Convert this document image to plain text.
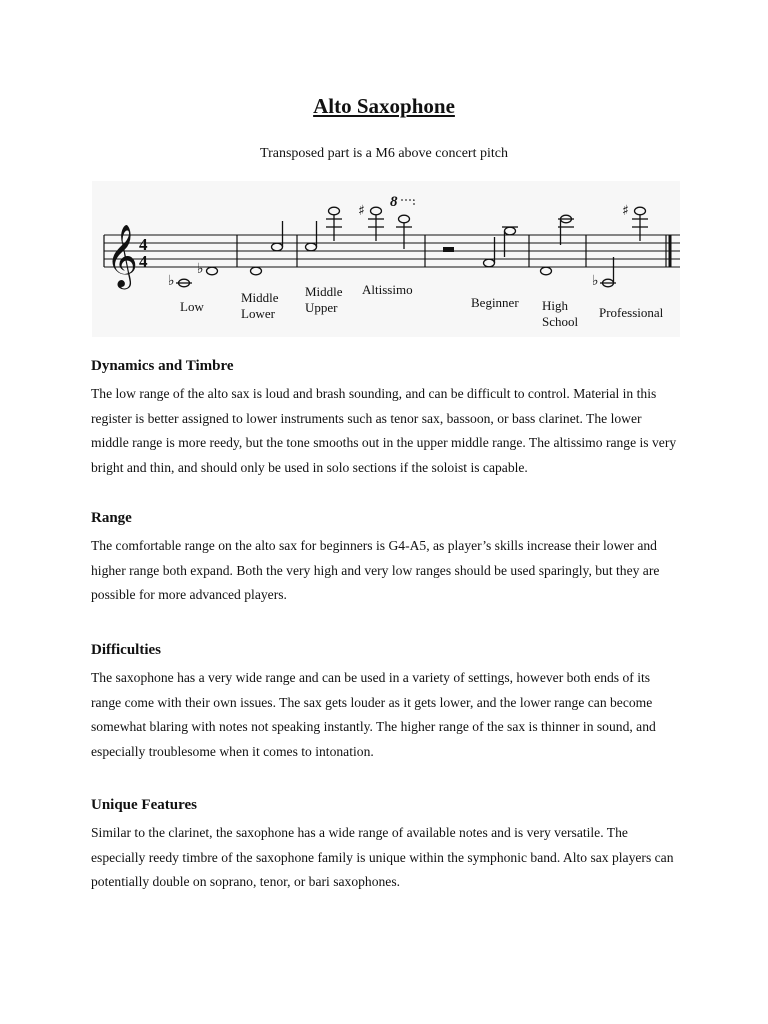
Alto Saxophone

Transposed part is a M6 above concert pitch

𝄞 4
4
♭
♭
♯
♭
♯
8
Low
Middle
Lower
Middle
Upper
Altissimo
Beginner High
School
Professional
Dynamics and Timbre

The low range of the alto sax is loud and brash sounding, and can be difficult to control. Material in this register is better assigned to lower instruments such as tenor sax, bassoon, or bass clarinet. The lower middle range is more reedy, but the tone smooths out in the upper middle range. The altissimo range is very bright and thin, and should only be used in solo sections if the soloist is capable.

Range

The comfortable range on the alto sax for beginners is G4-A5, as player’s skills increase their lower and higher range both expand. Both the very high and very low ranges should be used sparingly, but they are possible for more advanced players.

Difficulties

The saxophone has a very wide range and can be used in a variety of settings, however both ends of its range come with their own issues. The sax gets louder as it gets lower, and the lower range can become somewhat blaring with notes not speaking instantly. The higher range of the sax is thinner in sound, and especially troublesome when it comes to intonation.

Unique Features

Similar to the clarinet, the saxophone has a wide range of available notes and is very versatile. The especially reedy timbre of the saxophone family is unique within the symphonic band. Alto sax players can potentially double on soprano, tenor, or bari saxophones.
